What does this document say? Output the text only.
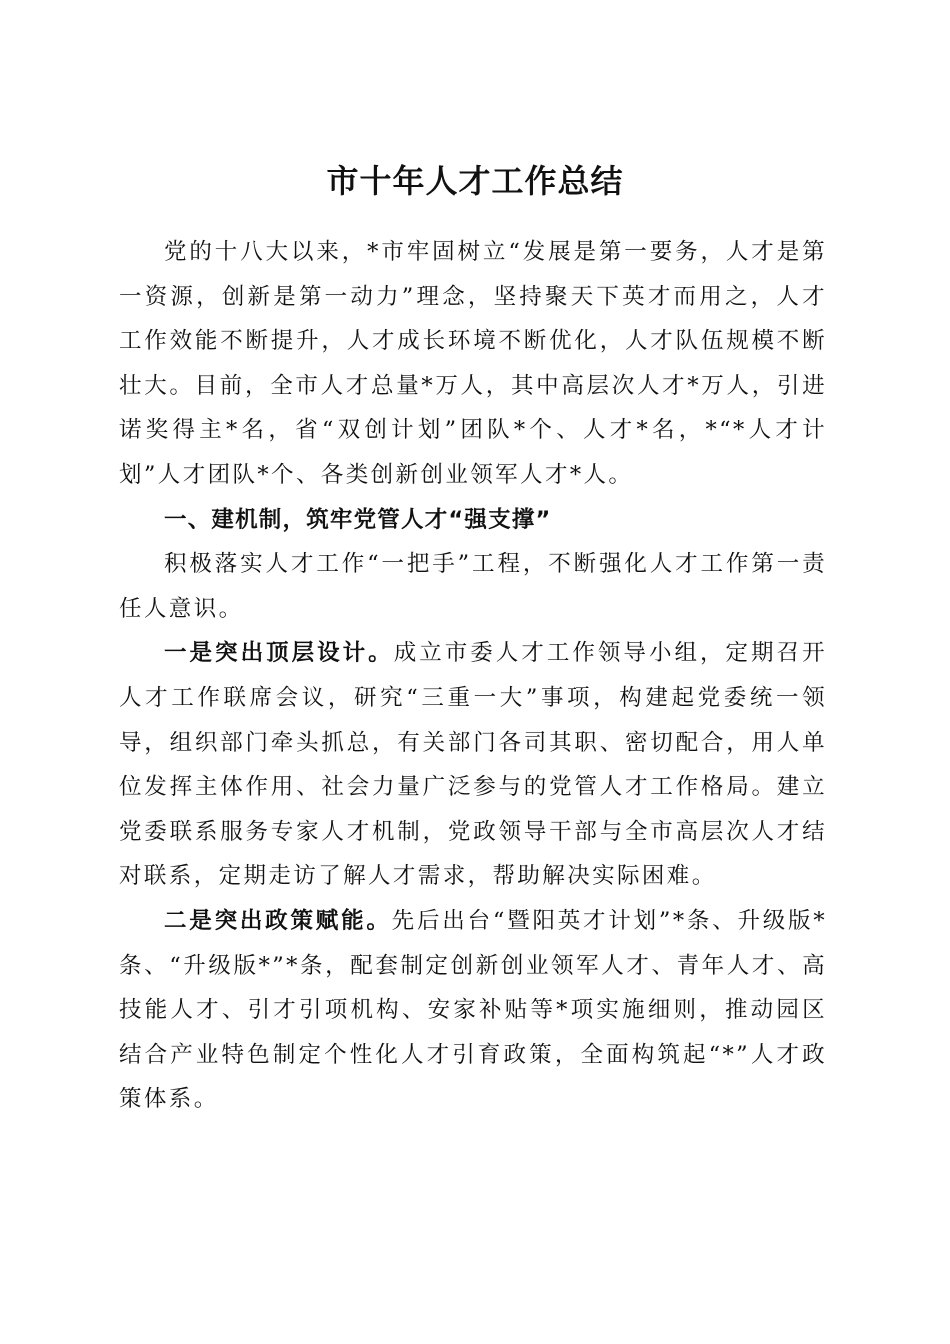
市十年人才工作总结

党的十八大以来，*市牢固树立“发展是第一要务，人才是第一资源，创新是第一动力”理念，坚持聚天下英才而用之，人才工作效能不断提升，人才成长环境不断优化，人才队伍规模不断壮大。目前，全市人才总量*万人，其中高层次人才*万人，引进诺奖得主*名，省“双创计划”团队*个、人才*名，*“*人才计划”人才团队*个、各类创新创业领军人才*人。

一、建机制，筑牢党管人才“强支撑”

积极落实人才工作“一把手”工程，不断强化人才工作第一责任人意识。

一是突出顶层设计。成立市委人才工作领导小组，定期召开人才工作联席会议，研究“三重一大”事项，构建起党委统一领导，组织部门牵头抓总，有关部门各司其职、密切配合，用人单位发挥主体作用、社会力量广泛参与的党管人才工作格局。建立党委联系服务专家人才机制，党政领导干部与全市高层次人才结对联系，定期走访了解人才需求，帮助解决实际困难。

二是突出政策赋能。先后出台“暨阳英才计划”*条、升级版*条、“升级版*”*条，配套制定创新创业领军人才、青年人才、高技能人才、引才引项机构、安家补贴等*项实施细则，推动园区结合产业特色制定个性化人才引育政策，全面构筑起“*”人才政策体系。
